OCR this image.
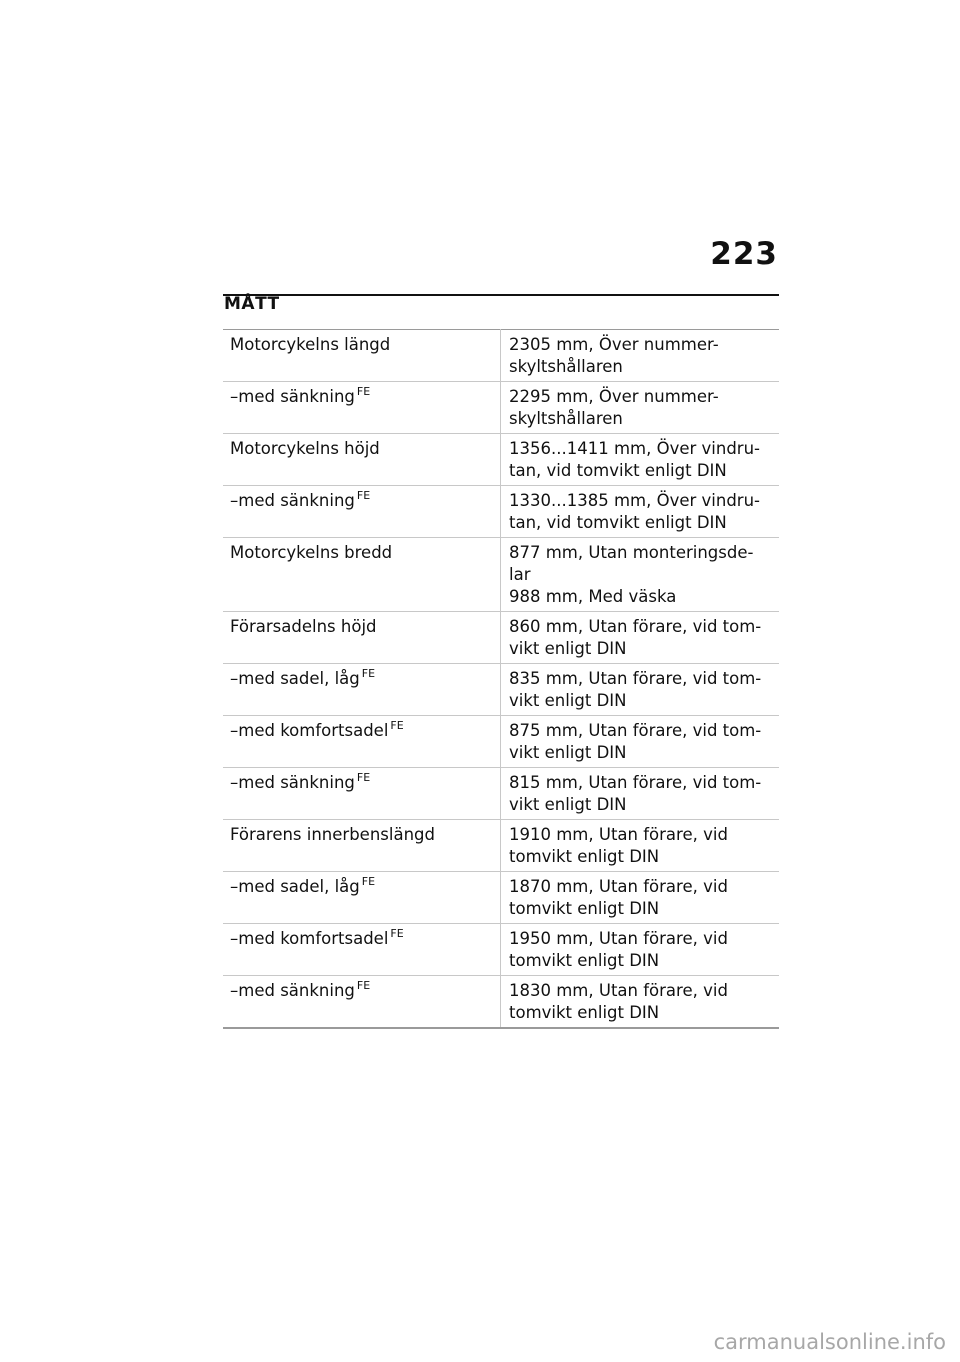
223
MÅTT
Motorcykelns längd	2305 mm, Över nummer-
skyltshållaren

–med sänkning $^{FE}$	2295 mm, Över nummer-
skyltshållaren

Motorcykelns höjd	1356...1411 mm, Över vindru-
tan, vid tomvikt enligt DIN

–med sänkning $^{FE}$	1330...1385 mm, Över vindru-
tan, vid tomvikt enligt DIN

Motorcykelns bredd	877 mm, Utan monteringsde-
lar
988 mm, Med väska

Förarsadelns höjd	860 mm, Utan förare, vid tom-
vikt enligt DIN

–med sadel, låg $^{FE}$	835 mm, Utan förare, vid tom-
vikt enligt DIN

–med komfortsadel $^{FE}$	875 mm, Utan förare, vid tom-
vikt enligt DIN

–med sänkning $^{FE}$	815 mm, Utan förare, vid tom-
vikt enligt DIN

Förarens innerbenslängd	1910 mm, Utan förare, vid
tomvikt enligt DIN

–med sadel, låg $^{FE}$	1870 mm, Utan förare, vid
tomvikt enligt DIN

–med komfortsadel $^{FE}$	1950 mm, Utan förare, vid
tomvikt enligt DIN

–med sänkning $^{FE}$	1830 mm, Utan förare, vid
tomvikt enligt DIN
carmanualsonline.info
